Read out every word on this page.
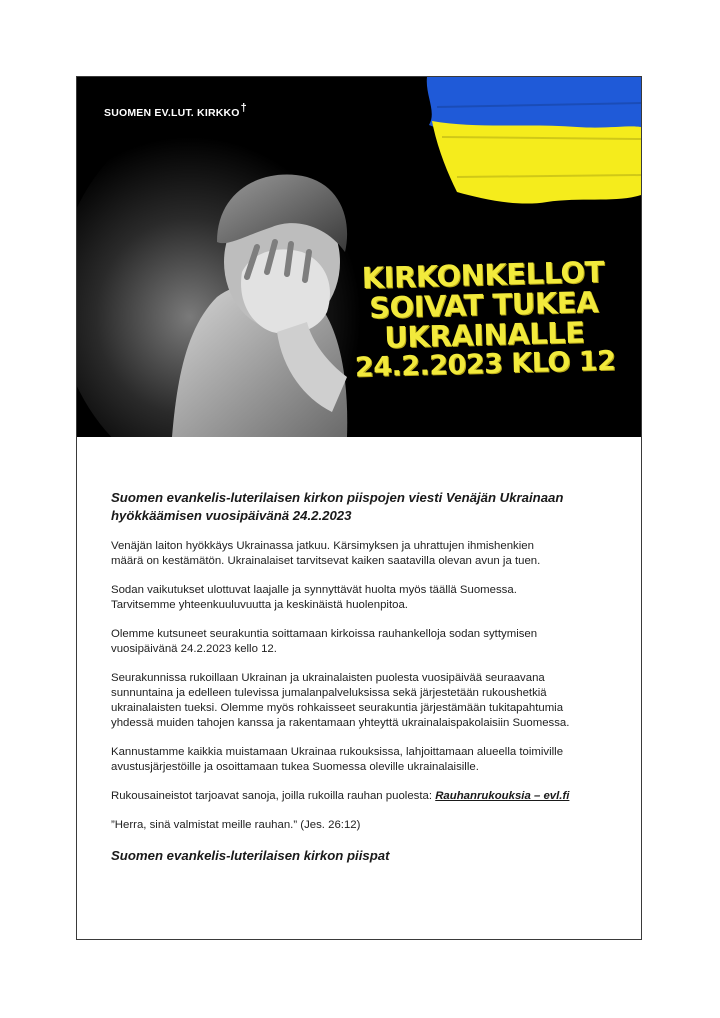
SUOMEN EV.LUT. KIRKKO†
KIRKONKELLOT
SOIVAT TUKEA
UKRAINALLE
24.2.2023 KLO 12
Suomen evankelis-luterilaisen kirkon piispojen viesti Venäjän Ukrainaan
hyökkäämisen vuosipäivänä 24.2.2023

Venäjän laiton hyökkäys Ukrainassa jatkuu. Kärsimyksen ja uhrattujen ihmishenkien
määrä on kestämätön. Ukrainalaiset tarvitsevat kaiken saatavilla olevan avun ja tuen.

Sodan vaikutukset ulottuvat laajalle ja synnyttävät huolta myös täällä Suomessa.
Tarvitsemme yhteenkuuluvuutta ja keskinäistä huolenpitoa.

Olemme kutsuneet seurakuntia soittamaan kirkoissa rauhankelloja sodan syttymisen
vuosipäivänä 24.2.2023 kello 12.

Seurakunnissa rukoillaan Ukrainan ja ukrainalaisten puolesta vuosipäivää seuraavana
sunnuntaina ja edelleen tulevissa jumalanpalveluksissa sekä järjestetään rukoushetkiä
ukrainalaisten tueksi. Olemme myös rohkaisseet seurakuntia järjestämään tukitapahtumia
yhdessä muiden tahojen kanssa ja rakentamaan yhteyttä ukrainalaispakolaisiin Suomessa.

Kannustamme kaikkia muistamaan Ukrainaa rukouksissa, lahjoittamaan alueella toimiville
avustusjärjestöille ja osoittamaan tukea Suomessa oleville ukrainalaisille.

Rukousaineistot tarjoavat sanoja, joilla rukoilla rauhan puolesta: Rauhanrukouksia – evl.fi

”Herra, sinä valmistat meille rauhan.” (Jes. 26:12)

Suomen evankelis-luterilaisen kirkon piispat
